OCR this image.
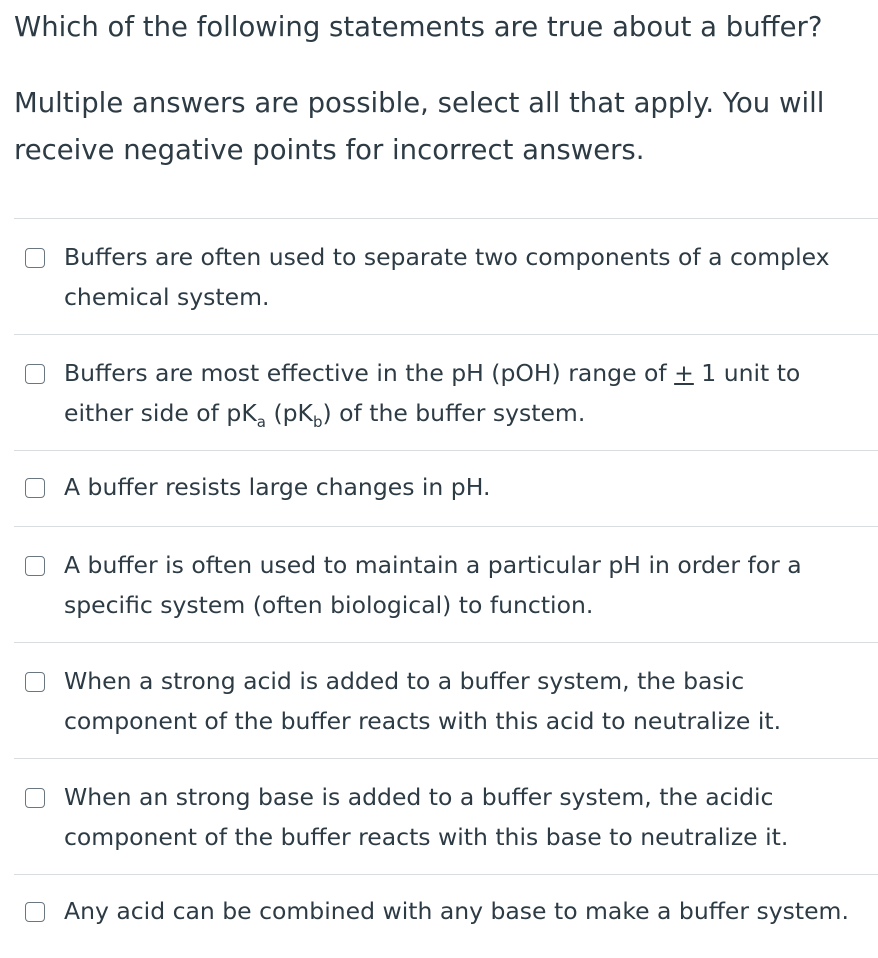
Which of the following statements are true about a buffer?

Multiple answers are possible, select all that apply. You will receive negative points for incorrect answers.

Buffers are often used to separate two components of a complex chemical system.
Buffers are most effective in the pH (pOH) range of + 1 unit to either side of $pK_a$ $(pK_b)$ of the buffer system.
A buffer resists large changes in pH.
A buffer is often used to maintain a particular pH in order for a specific system (often biological) to function.
When a strong acid is added to a buffer system, the basic component of the buffer reacts with this acid to neutralize it.
When an strong base is added to a buffer system, the acidic component of the buffer reacts with this base to neutralize it.
Any acid can be combined with any base to make a buffer system.
